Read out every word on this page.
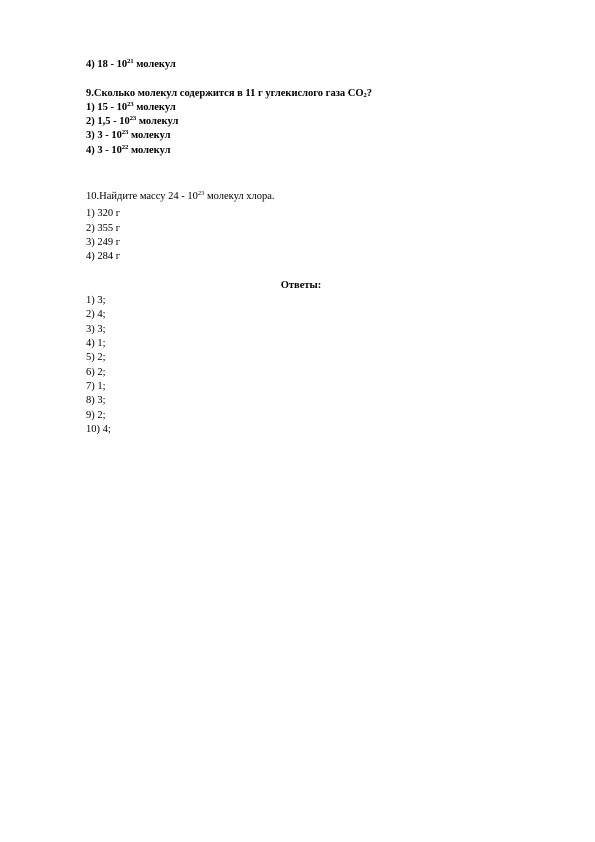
4) $18 - 10^{21}$ молекул
9.Сколько молекул содержится в 11 г углекислого газа $CO_2$?
1) $15 - 10^{23}$ молекул
2) $1,5 - 10^{23}$ молекул
3) $3 - 10^{23}$ молекул
4) $3 - 10^{22}$ молекул
10.Найдите массу $24 - 10^{23}$ молекул хлора.
1) 320 г
2) 355 г
3) 249 г
4) 284 г
Ответы:
1) 3;
2) 4;
3) 3;
4) 1;
5) 2;
6) 2;
7) 1;
8) 3;
9) 2;
10) 4;
